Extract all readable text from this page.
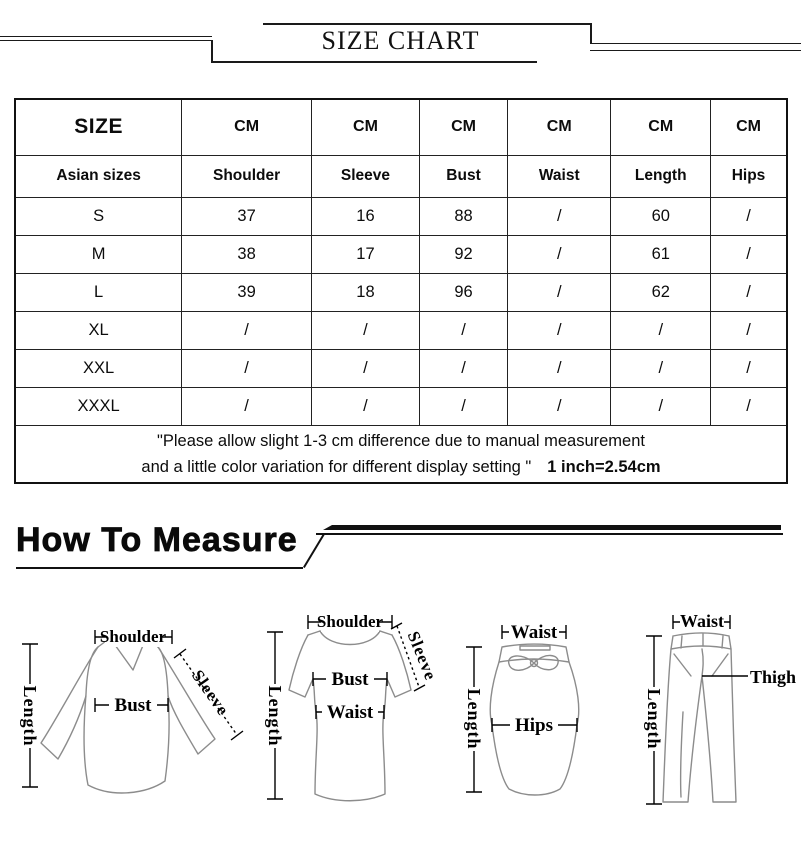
SIZE CHART
SIZE	CM	CM	CM	CM	CM	CM
Asian sizes	Shoulder	Sleeve	Bust	Waist	Length	Hips
S	37	16	88	/	60	/
M	38	17	92	/	61	/
L	39	18	96	/	62	/
XL	/	/	/	/	/	/
XXL	/	/	/	/	/	/
XXXL	/	/	/	/	/	/

"Please allow slight 1-3 cm difference due to manual measurement
and a little color variation for different display setting " 1 inch=2.54cm						
How To Measure
Shoulder
Sleeve
Bust
Length
Shoulder
Sleeve
Bust
Waist
Length
Waist
Hips
Length
Waist
Thigh
Length
